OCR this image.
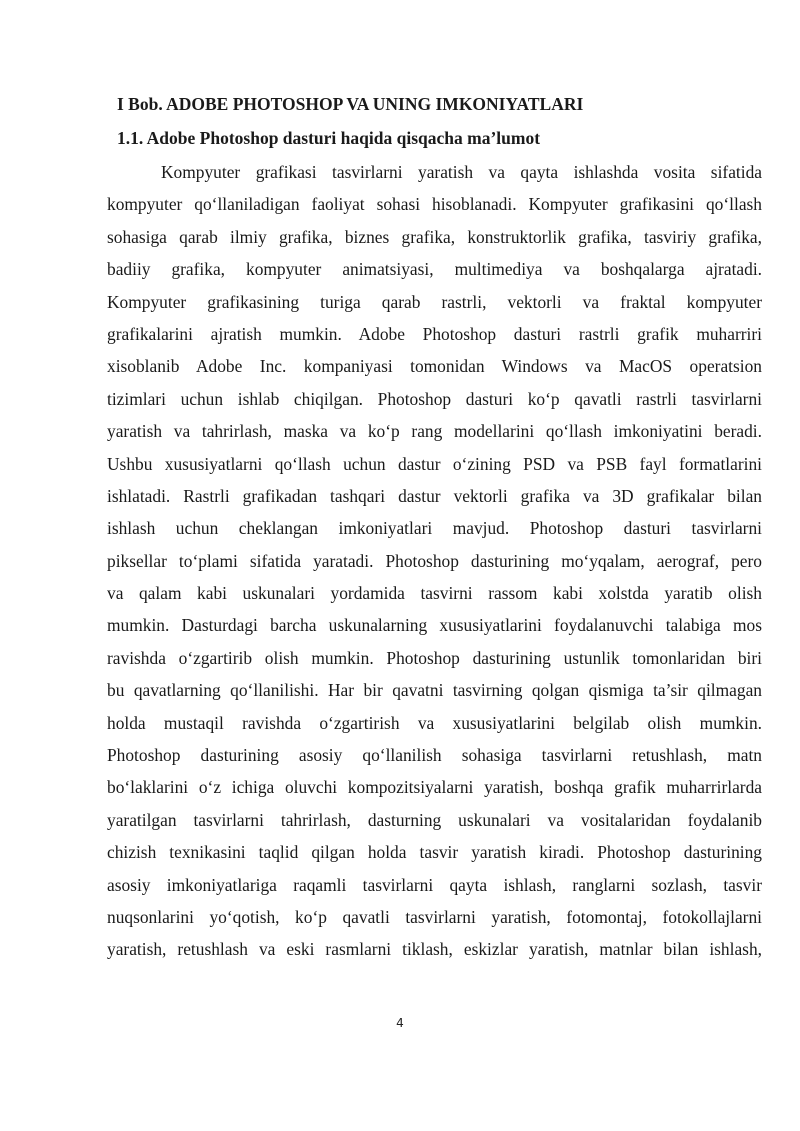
I Bob. ADOBE PHOTOSHOP VA UNING IMKONIYATLARI
1.1. Adobe Photoshop dasturi haqida qisqacha ma’lumot
Kompyuter grafikasi tasvirlarni yaratish va qayta ishlashda vosita sifatida
kompyuter qo‘llaniladigan faoliyat sohasi hisoblanadi. Kompyuter grafikasini qo‘llash
sohasiga qarab ilmiy grafika, biznes grafika, konstruktorlik grafika, tasviriy grafika,
badiiy grafika, kompyuter animatsiyasi, multimediya va boshqalarga ajratadi.
Kompyuter grafikasining turiga qarab rastrli, vektorli va fraktal kompyuter
grafikalarini ajratish mumkin. Adobe Photoshop dasturi rastrli grafik muharriri
xisoblanib Adobe Inc. kompaniyasi tomonidan Windows va MacOS operatsion
tizimlari uchun ishlab chiqilgan. Photoshop dasturi ko‘p qavatli rastrli tasvirlarni
yaratish va tahrirlash, maska va ko‘p rang modellarini qo‘llash imkoniyatini beradi.
Ushbu xususiyatlarni qo‘llash uchun dastur o‘zining PSD va PSB fayl formatlarini
ishlatadi. Rastrli grafikadan tashqari dastur vektorli grafika va 3D grafikalar bilan
ishlash uchun cheklangan imkoniyatlari mavjud. Photoshop dasturi tasvirlarni
piksellar to‘plami sifatida yaratadi. Photoshop dasturining mo‘yqalam, aerograf, pero
va qalam kabi uskunalari yordamida tasvirni rassom kabi xolstda yaratib olish
mumkin. Dasturdagi barcha uskunalarning xususiyatlarini foydalanuvchi talabiga mos
ravishda o‘zgartirib olish mumkin. Photoshop dasturining ustunlik tomonlaridan biri
bu qavatlarning qo‘llanilishi. Har bir qavatni tasvirning qolgan qismiga ta’sir qilmagan
holda mustaqil ravishda o‘zgartirish va xususiyatlarini belgilab olish mumkin.
Photoshop dasturining asosiy qo‘llanilish sohasiga tasvirlarni retushlash, matn
bo‘laklarini o‘z ichiga oluvchi kompozitsiyalarni yaratish, boshqa grafik muharrirlarda
yaratilgan tasvirlarni tahrirlash, dasturning uskunalari va vositalaridan foydalanib
chizish texnikasini taqlid qilgan holda tasvir yaratish kiradi. Photoshop dasturining
asosiy imkoniyatlariga raqamli tasvirlarni qayta ishlash, ranglarni sozlash, tasvir
nuqsonlarini yo‘qotish, ko‘p qavatli tasvirlarni yaratish, fotomontaj, fotokollajlarni
yaratish, retushlash va eski rasmlarni tiklash, eskizlar yaratish, matnlar bilan ishlash,
4
